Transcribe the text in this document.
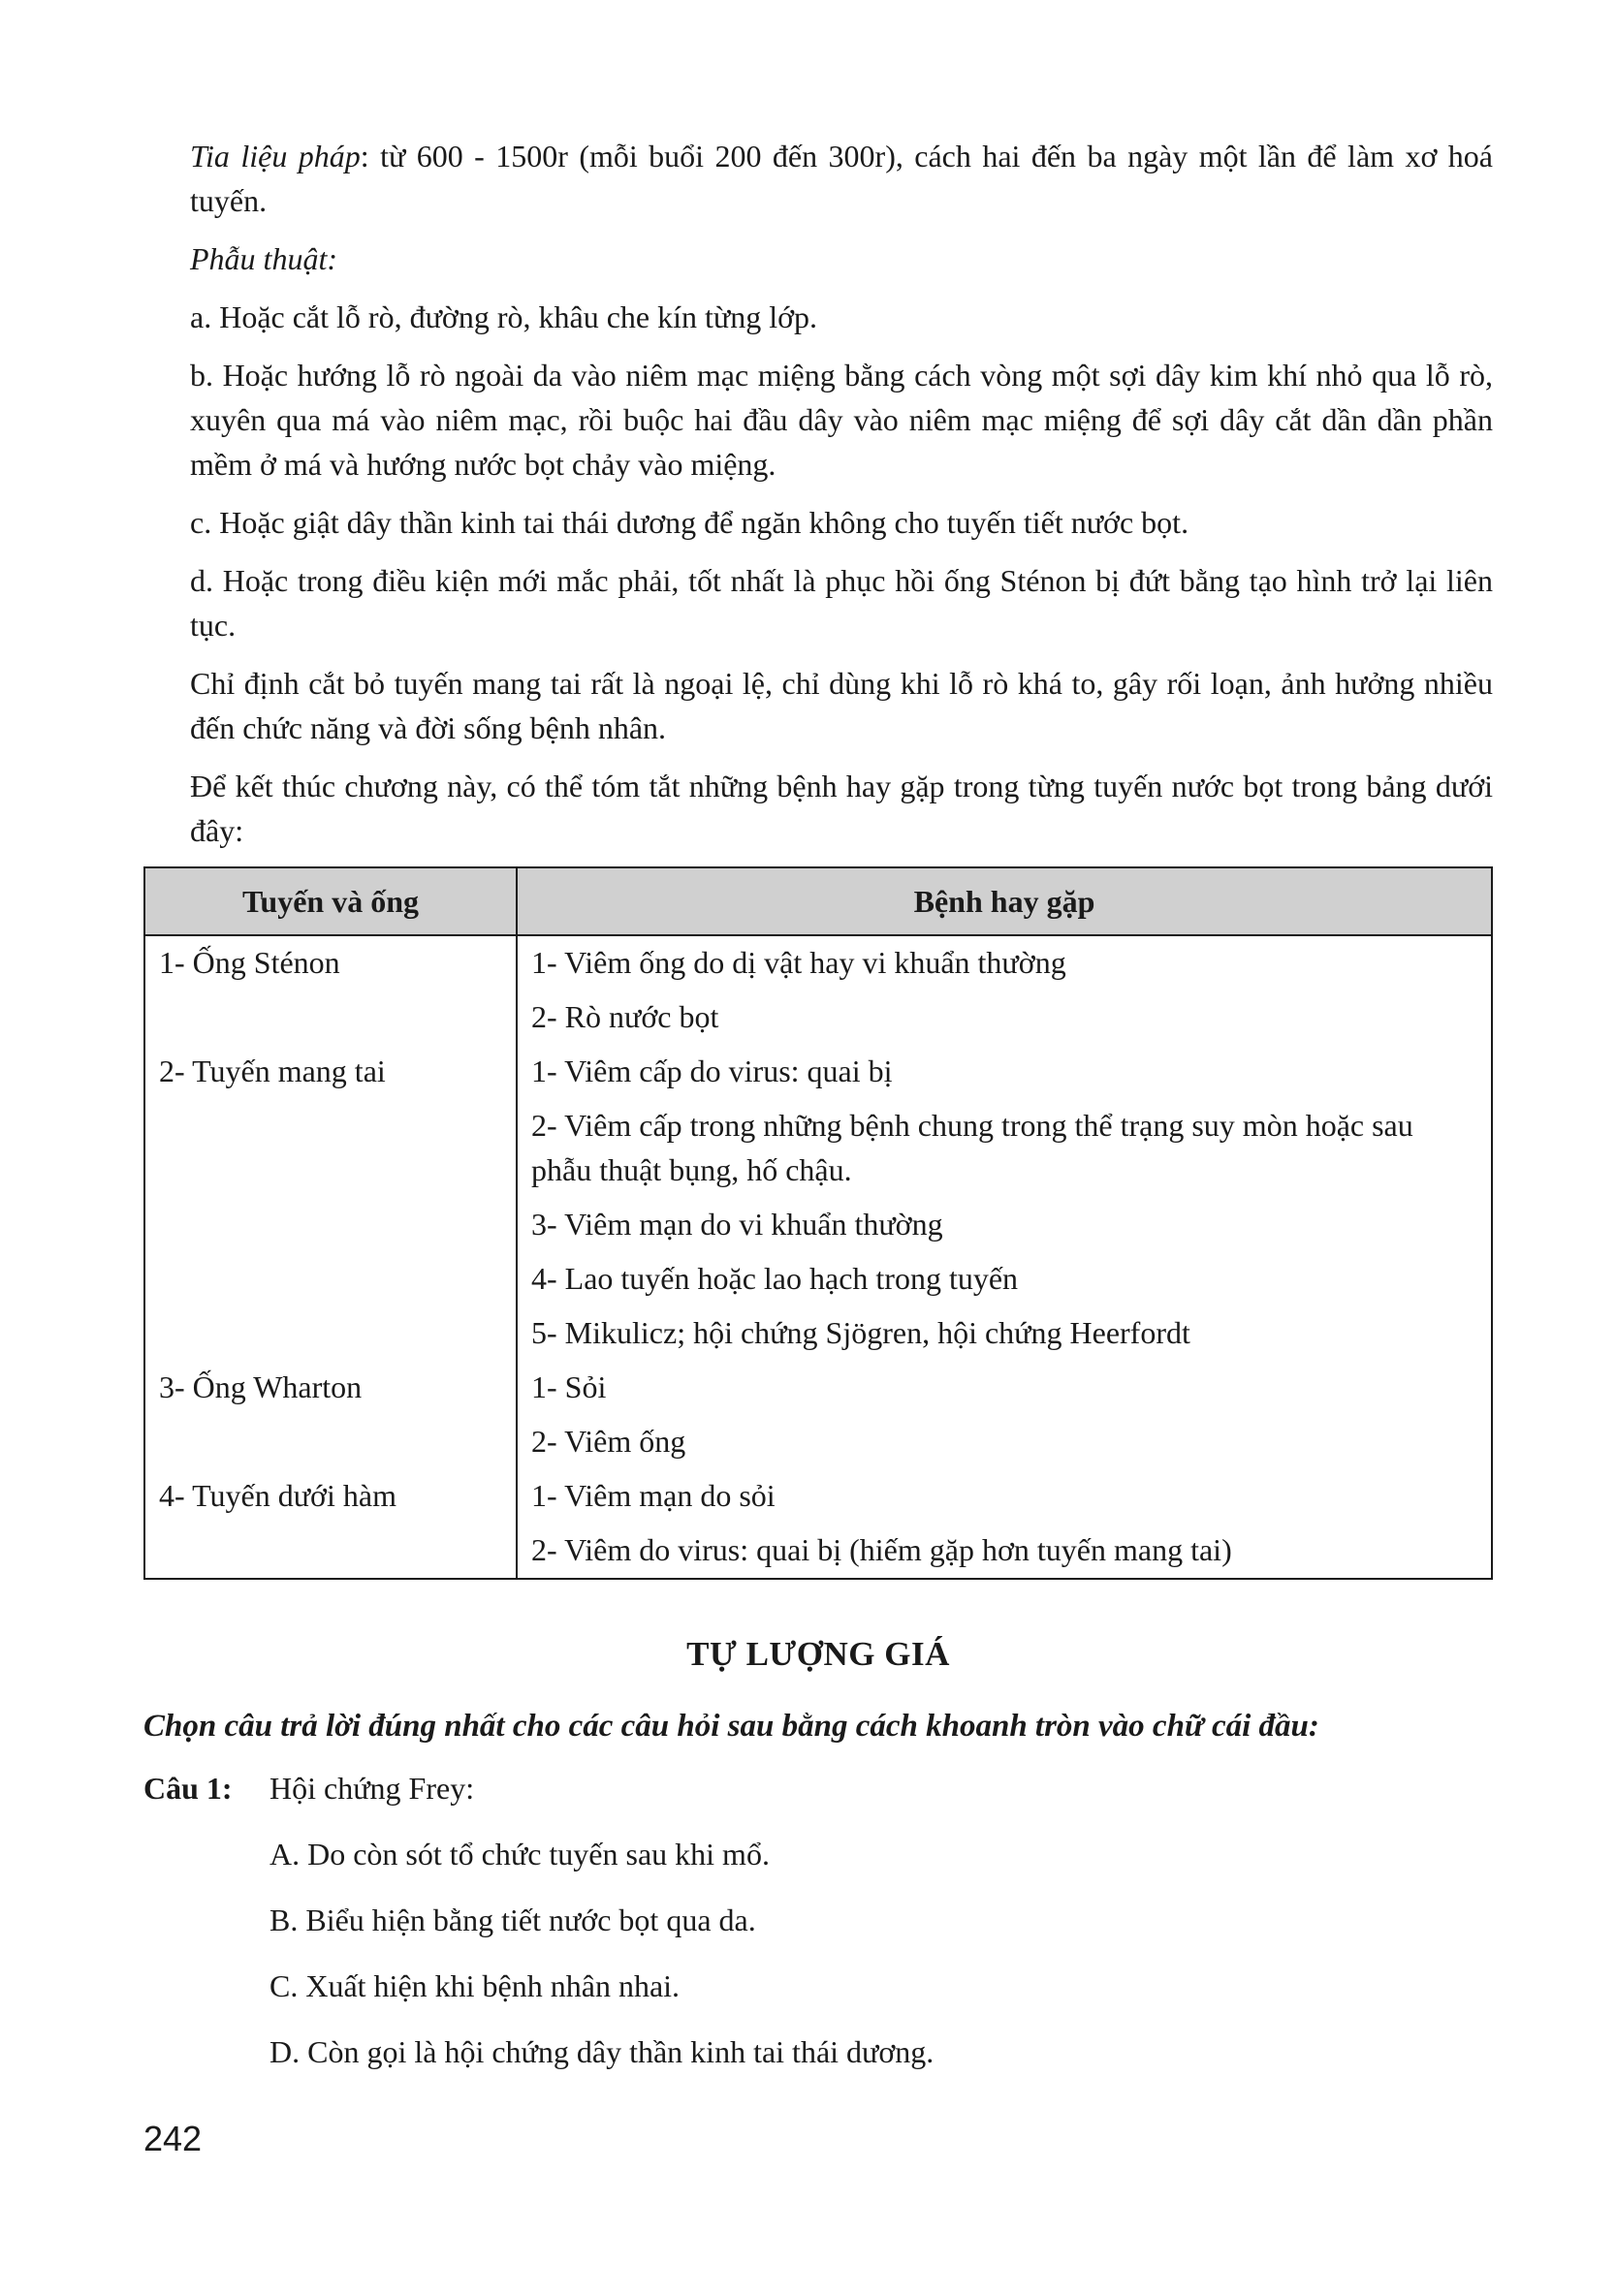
Tia liệu pháp: từ 600 - 1500r (mỗi buổi 200 đến 300r), cách hai đến ba ngày một lần để làm xơ hoá tuyến.

Phẫu thuật:

a. Hoặc cắt lỗ rò, đường rò, khâu che kín từng lớp.

b. Hoặc hướng lỗ rò ngoài da vào niêm mạc miệng bằng cách vòng một sợi dây kim khí nhỏ qua lỗ rò, xuyên qua má vào niêm mạc, rồi buộc hai đầu dây vào niêm mạc miệng để sợi dây cắt dần dần phần mềm ở má và hướng nước bọt chảy vào miệng.

c. Hoặc giật dây thần kinh tai thái dương để ngăn không cho tuyến tiết nước bọt.

d. Hoặc trong điều kiện mới mắc phải, tốt nhất là phục hồi ống Sténon bị đứt bằng tạo hình trở lại liên tục.

Chỉ định cắt bỏ tuyến mang tai rất là ngoại lệ, chỉ dùng khi lỗ rò khá to, gây rối loạn, ảnh hưởng nhiều đến chức năng và đời sống bệnh nhân.

Để kết thúc chương này, có thể tóm tắt những bệnh hay gặp trong từng tuyến nước bọt trong bảng dưới đây:

Tuyến và ống	Bệnh hay gặp
1- Ống Sténon	1- Viêm ống do dị vật hay vi khuẩn thường
	2- Rò nước bọt
2- Tuyến mang tai	1- Viêm cấp do virus: quai bị
	2- Viêm cấp trong những bệnh chung trong thể trạng suy mòn hoặc sau phẫu thuật bụng, hố chậu.
	3- Viêm mạn do vi khuẩn thường
	4- Lao tuyến hoặc lao hạch trong tuyến
	5- Mikulicz; hội chứng Sjögren, hội chứng Heerfordt
3- Ống Wharton	1- Sỏi
	2- Viêm ống
4- Tuyến dưới hàm	1- Viêm mạn do sỏi
	2- Viêm do virus: quai bị (hiếm gặp hơn tuyến mang tai)
TỰ LƯỢNG GIÁ
Chọn câu trả lời đúng nhất cho các câu hỏi sau bằng cách khoanh tròn vào chữ cái đầu:
Câu 1:	Hội chứng Frey:
A. Do còn sót tổ chức tuyến sau khi mổ.
B. Biểu hiện bằng tiết nước bọt qua da.
C. Xuất hiện khi bệnh nhân nhai.
D. Còn gọi là hội chứng dây thần kinh tai thái dương.
242
